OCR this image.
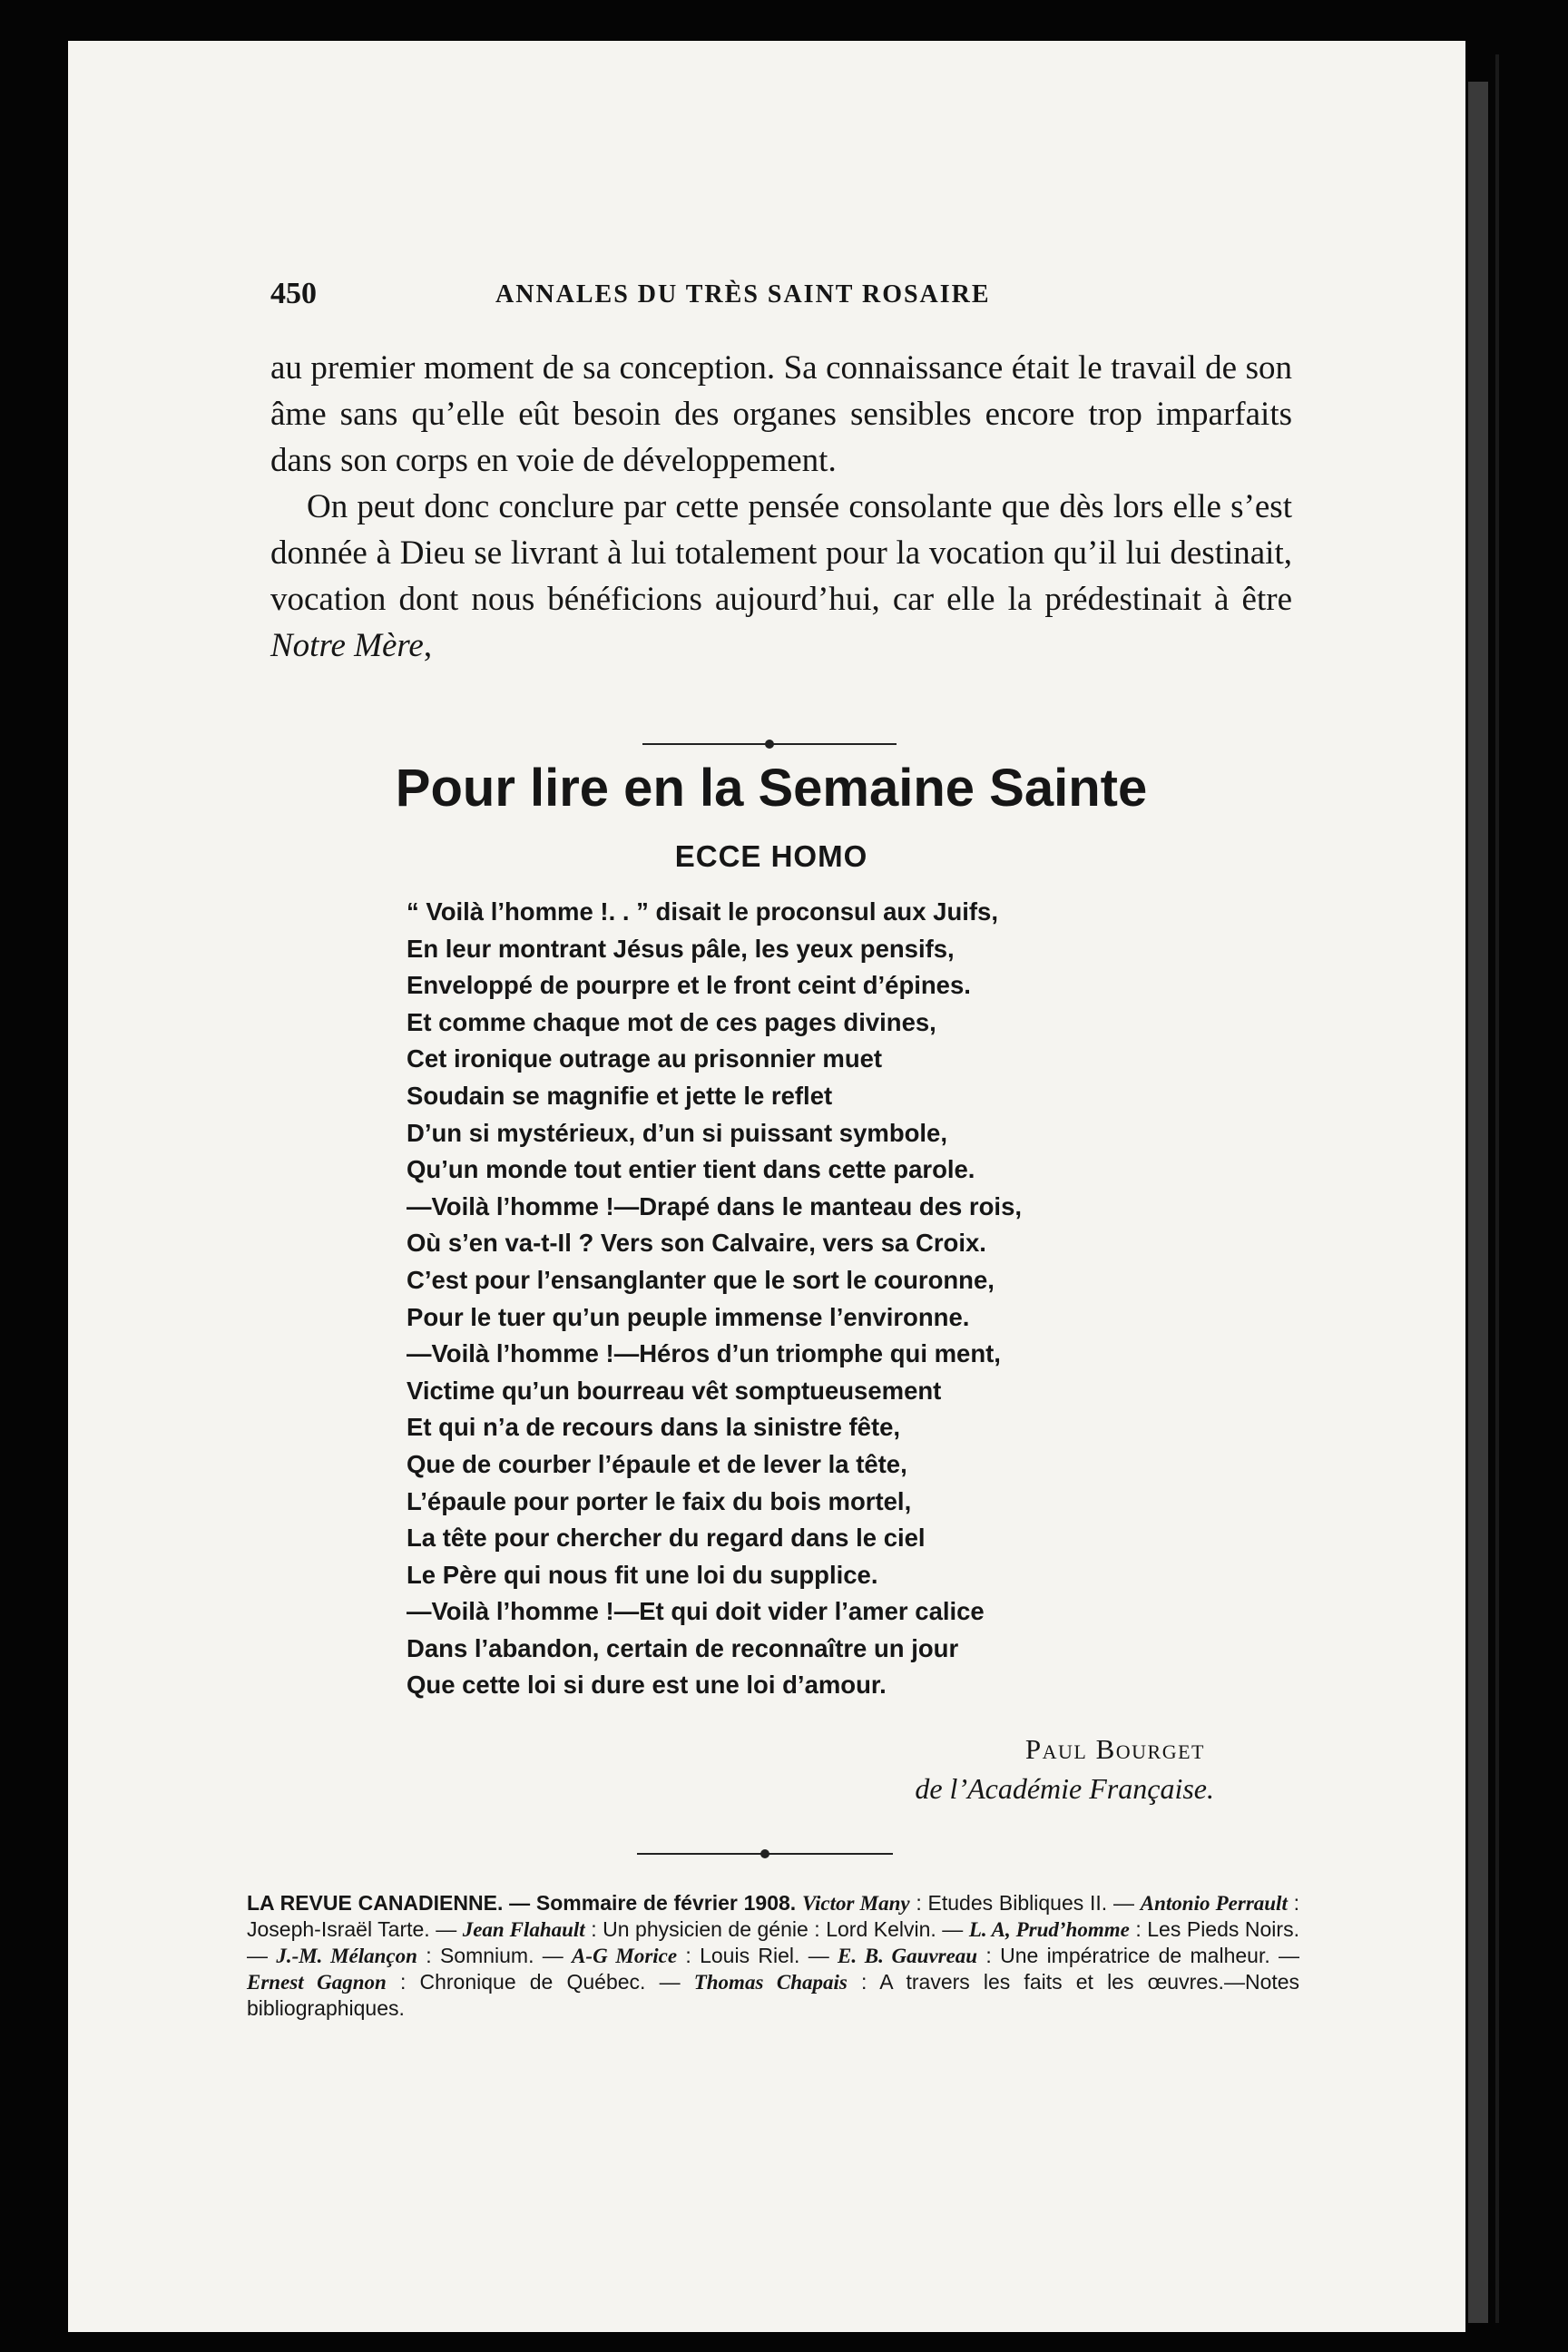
450	ANNALES DU TRÈS SAINT ROSAIRE

au premier moment de sa conception. Sa connaissance était le travail de son âme sans qu’elle eût besoin des organes sensibles encore trop imparfaits dans son corps en voie de développement.

On peut donc conclure par cette pensée consolante que dès lors elle s’est donnée à Dieu se livrant à lui totalement pour la vocation qu’il lui destinait, vocation dont nous bénéficions aujourd’hui, car elle la prédestinait à être Notre Mère,

Pour lire en la Semaine Sainte
ECCE HOMO
“ Voilà l’homme !. . ” disait le proconsul aux Juifs,
En leur montrant Jésus pâle, les yeux pensifs,
Enveloppé de pourpre et le front ceint d’épines.
Et comme chaque mot de ces pages divines,
Cet ironique outrage au prisonnier muet
Soudain se magnifie et jette le reflet
D’un si mystérieux, d’un si puissant symbole,
Qu’un monde tout entier tient dans cette parole.
—Voilà l’homme !—Drapé dans le manteau des rois,
Où s’en va-t-Il ? Vers son Calvaire, vers sa Croix.
C’est pour l’ensanglanter que le sort le couronne,
Pour le tuer qu’un peuple immense l’environne.
—Voilà l’homme !—Héros d’un triomphe qui ment,
Victime qu’un bourreau vêt somptueusement
Et qui n’a de recours dans la sinistre fête,
Que de courber l’épaule et de lever la tête,
L’épaule pour porter le faix du bois mortel,
La tête pour chercher du regard dans le ciel
Le Père qui nous fit une loi du supplice.
—Voilà l’homme !—Et qui doit vider l’amer calice
Dans l’abandon, certain de reconnaître un jour
Que cette loi si dure est une loi d’amour.
Paul Bourget
de l’Académie Française.
LA REVUE CANADIENNE. — Sommaire de février 1908. Victor Many : Etudes Bibliques II. — Antonio Perrault : Joseph-Israël Tarte. — Jean Flahault : Un physicien de génie : Lord Kelvin. — L. A, Prud’homme : Les Pieds Noirs. — J.-M. Mélançon : Somnium. — A-G Morice : Louis Riel. — E. B. Gauvreau : Une impératrice de malheur. — Ernest Gagnon : Chronique de Québec. — Thomas Chapais : A travers les faits et les œuvres.—Notes bibliographiques.
